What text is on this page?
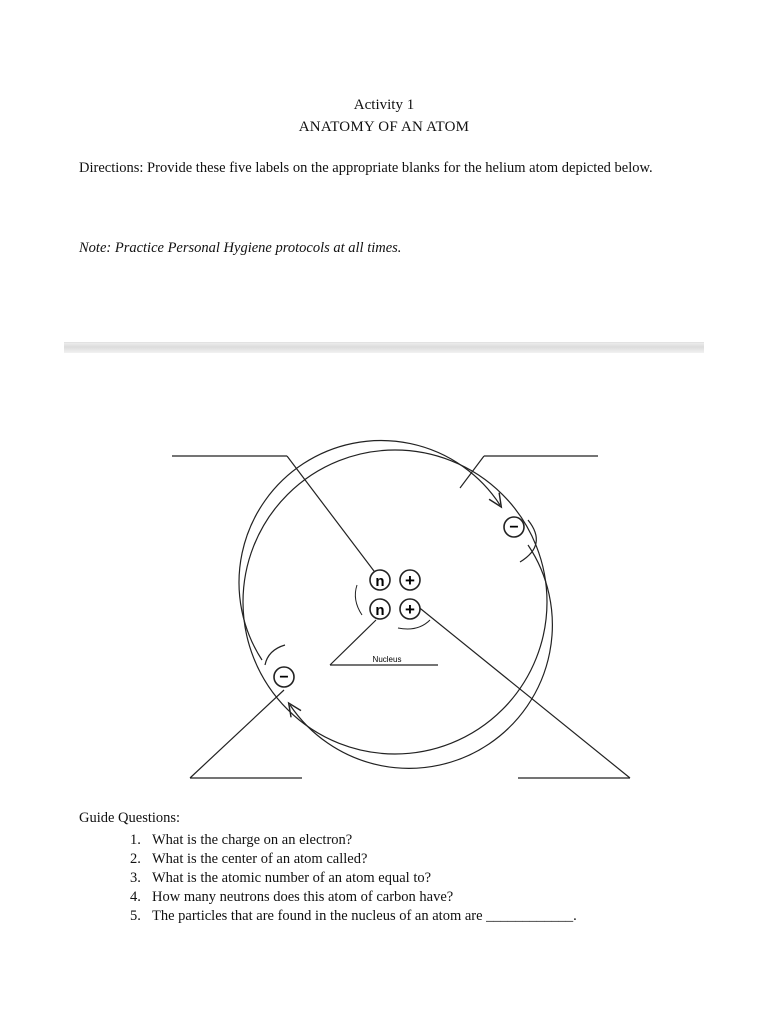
Activity 1
ANATOMY OF AN ATOM
Directions: Provide these five labels on the appropriate blanks for the helium atom depicted below.
Note: Practice Personal Hygiene protocols at all times.
n +
n +
Nucleus
−
−
Guide Questions:
1. What is the charge on an electron?
2. What is the center of an atom called?
3. What is the atomic number of an atom equal to?
4. How many neutrons does this atom of carbon have?
5. The particles that are found in the nucleus of an atom are ____________.
